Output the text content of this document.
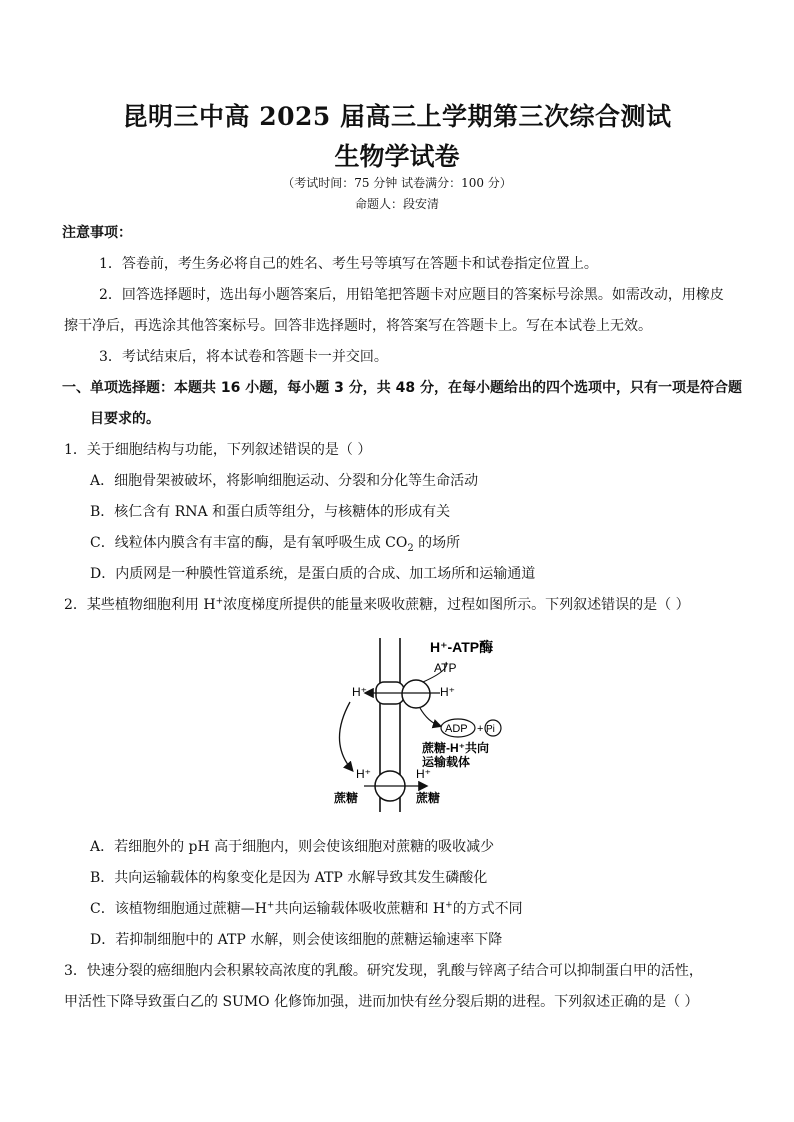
昆明三中高 2025 届高三上学期第三次综合测试
生物学试卷
（考试时间：75 分钟 试卷满分：100 分）
命题人：段安清
注意事项：
1．答卷前，考生务必将自己的姓名、考生号等填写在答题卡和试卷指定位置上。
2．回答选择题时，选出每小题答案后，用铅笔把答题卡对应题目的答案标号涂黑。如需改动，用橡皮
擦干净后，再选涂其他答案标号。回答非选择题时，将答案写在答题卡上。写在本试卷上无效。
3．考试结束后，将本试卷和答题卡一并交回。
一、单项选择题：本题共 16 小题，每小题 3 分，共 48 分，在每小题给出的四个选项中，只有一项是符合题
目要求的。
1．关于细胞结构与功能，下列叙述错误的是（ ）
A．细胞骨架被破坏，将影响细胞运动、分裂和分化等生命活动
B．核仁含有 RNA 和蛋白质等组分，与核糖体的形成有关
C．线粒体内膜含有丰富的酶，是有氧呼吸生成 $CO_2$ 的场所
D．内质网是一种膜性管道系统，是蛋白质的合成、加工场所和运输通道
2．某些植物细胞利用 H+浓度梯度所提供的能量来吸收蔗糖，过程如图所示。下列叙述错误的是（ ）
H⁺-ATP酶
ATP
H⁺	H⁺
ADP + Pi
蔗糖-H⁺共向
运输载体
H⁺	H⁺
蔗糖	蔗糖
A．若细胞外的 pH 高于细胞内，则会使该细胞对蔗糖的吸收减少
B．共向运输载体的构象变化是因为 ATP 水解导致其发生磷酸化
C．该植物细胞通过蔗糖—H+共向运输载体吸收蔗糖和 H+的方式不同
D．若抑制细胞中的 ATP 水解，则会使该细胞的蔗糖运输速率下降
3．快速分裂的癌细胞内会积累较高浓度的乳酸。研究发现，乳酸与锌离子结合可以抑制蛋白甲的活性，
甲活性下降导致蛋白乙的 SUMO 化修饰加强，进而加快有丝分裂后期的进程。下列叙述正确的是（ ）
